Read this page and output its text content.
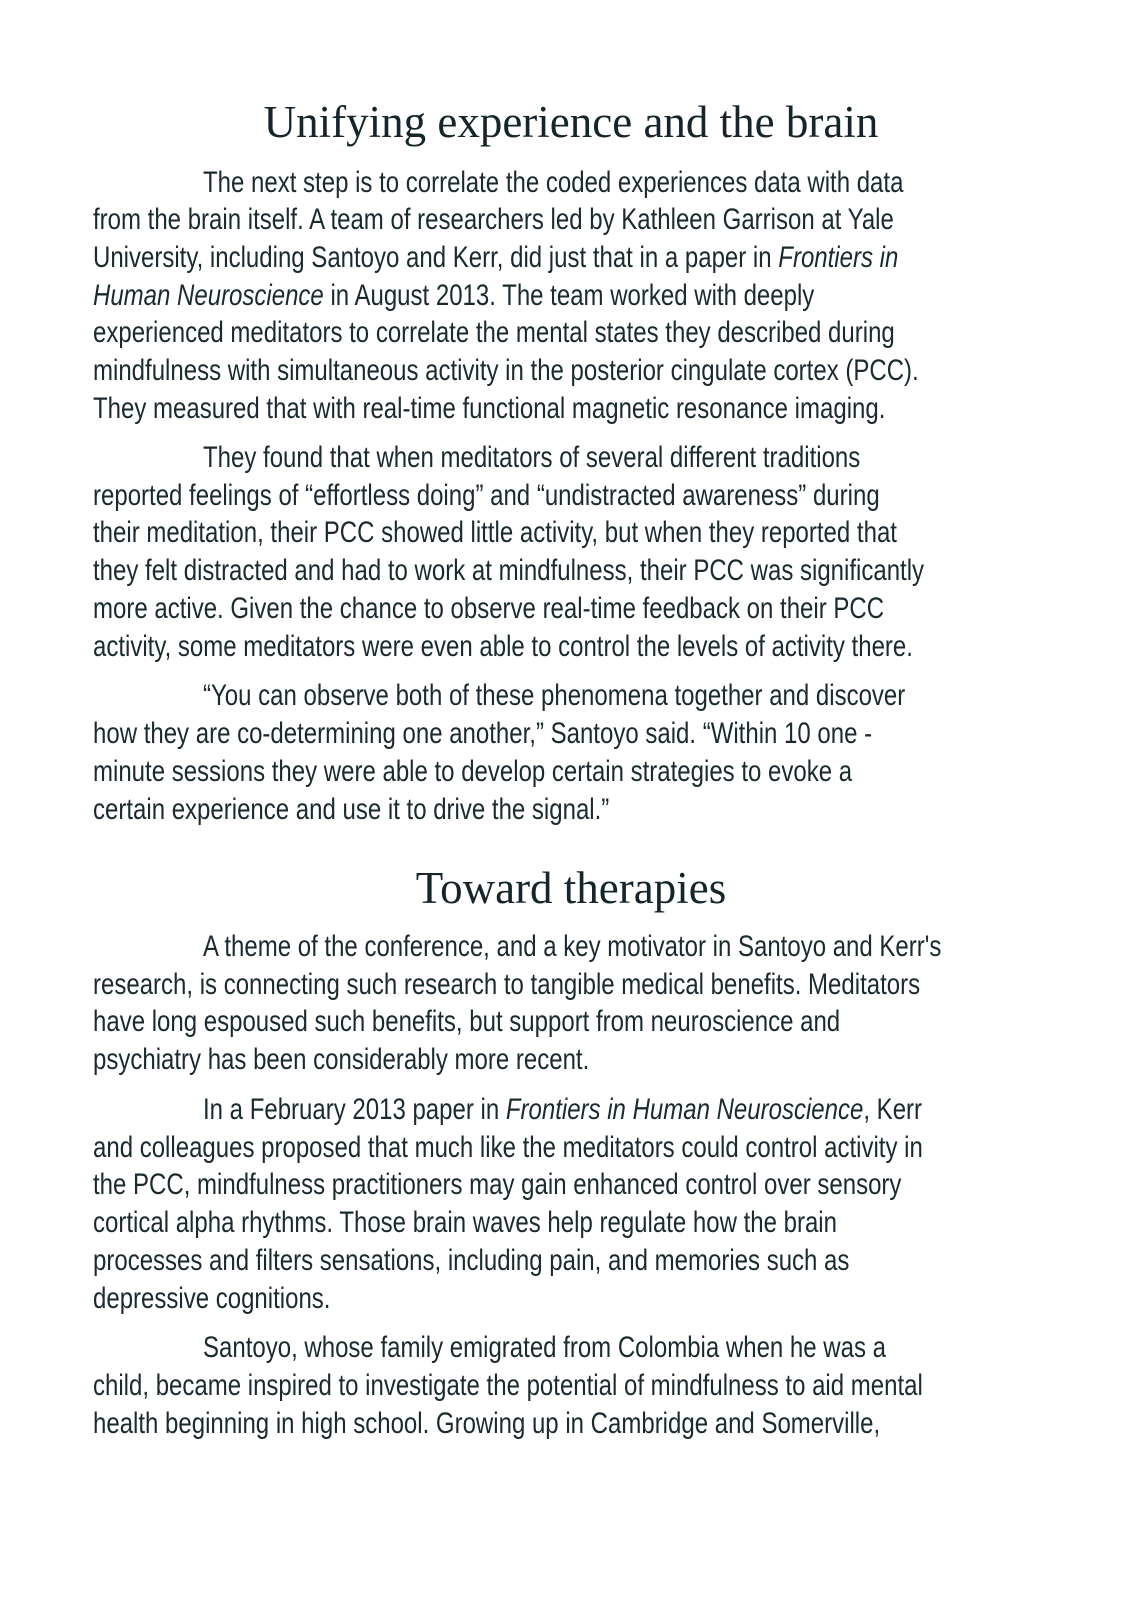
Unifying experience and the brain
The next step is to correlate the coded experiences data with data
from the brain itself. A team of researchers led by Kathleen Garrison at Yale
University, including Santoyo and Kerr, did just that in a paper in Frontiers in
Human Neuroscience in August 2013. The team worked with deeply
experienced meditators to correlate the mental states they described during
mindfulness with simultaneous activity in the posterior cingulate cortex (PCC).
They measured that with real-time functional magnetic resonance imaging.
They found that when meditators of several different traditions
reported feelings of “effortless doing” and “undistracted awareness” during
their meditation, their PCC showed little activity, but when they reported that
they felt distracted and had to work at mindfulness, their PCC was significantly
more active. Given the chance to observe real-time feedback on their PCC
activity, some meditators were even able to control the levels of activity there.
“You can observe both of these phenomena together and discover
how they are co-determining one another,” Santoyo said. “Within 10 one -
minute sessions they were able to develop certain strategies to evoke a
certain experience and use it to drive the signal.”
Toward therapies
A theme of the conference, and a key motivator in Santoyo and Kerr's
research, is connecting such research to tangible medical benefits. Meditators
have long espoused such benefits, but support from neuroscience and
psychiatry has been considerably more recent.
In a February 2013 paper in Frontiers in Human Neuroscience, Kerr
and colleagues proposed that much like the meditators could control activity in
the PCC, mindfulness practitioners may gain enhanced control over sensory
cortical alpha rhythms. Those brain waves help regulate how the brain
processes and filters sensations, including pain, and memories such as
depressive cognitions.
Santoyo, whose family emigrated from Colombia when he was a
child, became inspired to investigate the potential of mindfulness to aid mental
health beginning in high school. Growing up in Cambridge and Somerville,
